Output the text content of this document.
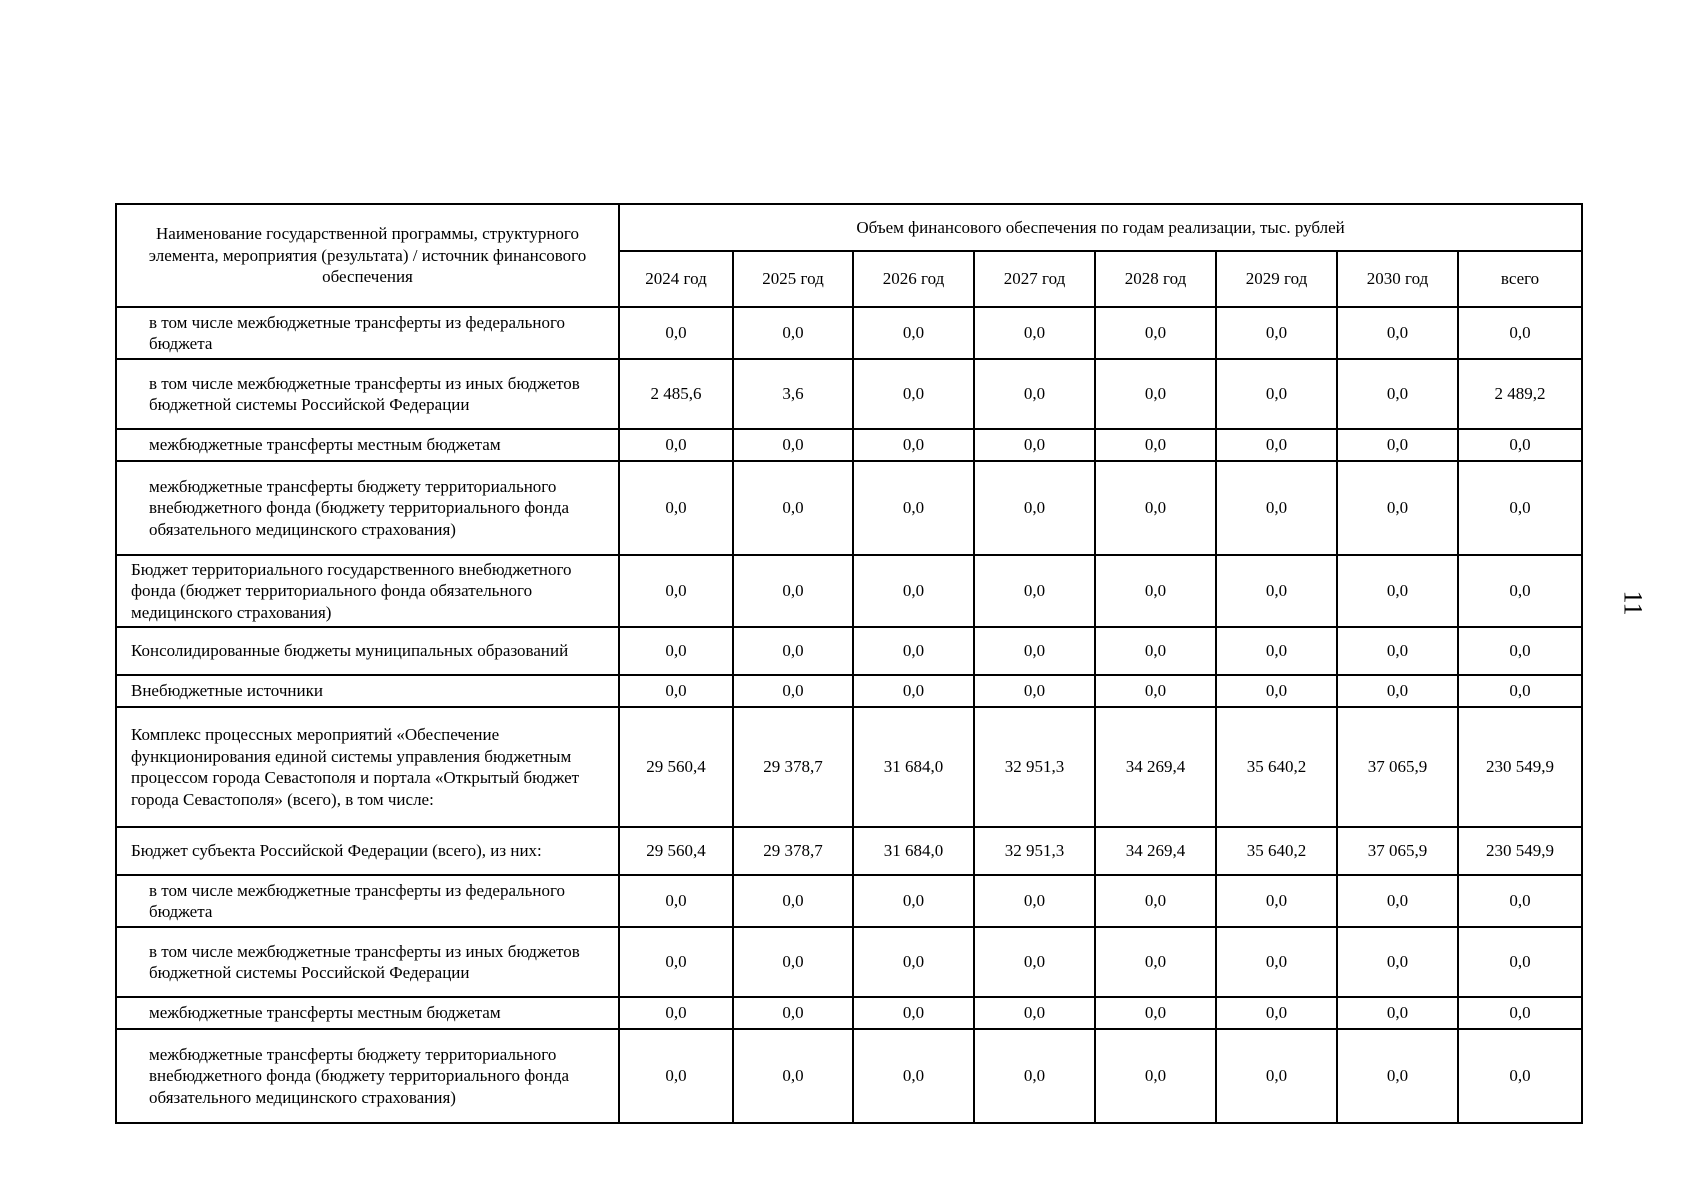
Наименование государственной программы, структурного элемента, мероприятия (результата) / источник финансового обеспечения	Объем финансового обеспечения по годам реализации, тыс. рублей							
	2024 год	2025 год	2026 год	2027 год	2028 год	2029 год	2030 год	всего
в том числе межбюджетные трансферты из федерального бюджета	0,0	0,0	0,0	0,0	0,0	0,0	0,0	0,0
в том числе межбюджетные трансферты из иных бюджетов бюджетной системы Российской Федерации	2 485,6	3,6	0,0	0,0	0,0	0,0	0,0	2 489,2
межбюджетные трансферты местным бюджетам	0,0	0,0	0,0	0,0	0,0	0,0	0,0	0,0
межбюджетные трансферты бюджету территориального внебюджетного фонда (бюджету территориального фонда обязательного медицинского страхования)	0,0	0,0	0,0	0,0	0,0	0,0	0,0	0,0
Бюджет территориального государственного внебюджетного фонда (бюджет территориального фонда обязательного медицинского страхования)	0,0	0,0	0,0	0,0	0,0	0,0	0,0	0,0
Консолидированные бюджеты муниципальных образований	0,0	0,0	0,0	0,0	0,0	0,0	0,0	0,0
Внебюджетные источники	0,0	0,0	0,0	0,0	0,0	0,0	0,0	0,0
Комплекс процессных мероприятий «Обеспечение функционирования единой системы управления бюджетным процессом города Севастополя и портала «Открытый бюджет города Севастополя» (всего), в том числе:	29 560,4	29 378,7	31 684,0	32 951,3	34 269,4	35 640,2	37 065,9	230 549,9
Бюджет субъекта Российской Федерации (всего), из них:	29 560,4	29 378,7	31 684,0	32 951,3	34 269,4	35 640,2	37 065,9	230 549,9
в том числе межбюджетные трансферты из федерального бюджета	0,0	0,0	0,0	0,0	0,0	0,0	0,0	0,0
в том числе межбюджетные трансферты из иных бюджетов бюджетной системы Российской Федерации	0,0	0,0	0,0	0,0	0,0	0,0	0,0	0,0
межбюджетные трансферты местным бюджетам	0,0	0,0	0,0	0,0	0,0	0,0	0,0	0,0
межбюджетные трансферты бюджету территориального внебюджетного фонда (бюджету территориального фонда обязательного медицинского страхования)	0,0	0,0	0,0	0,0	0,0	0,0	0,0	0,0
11
